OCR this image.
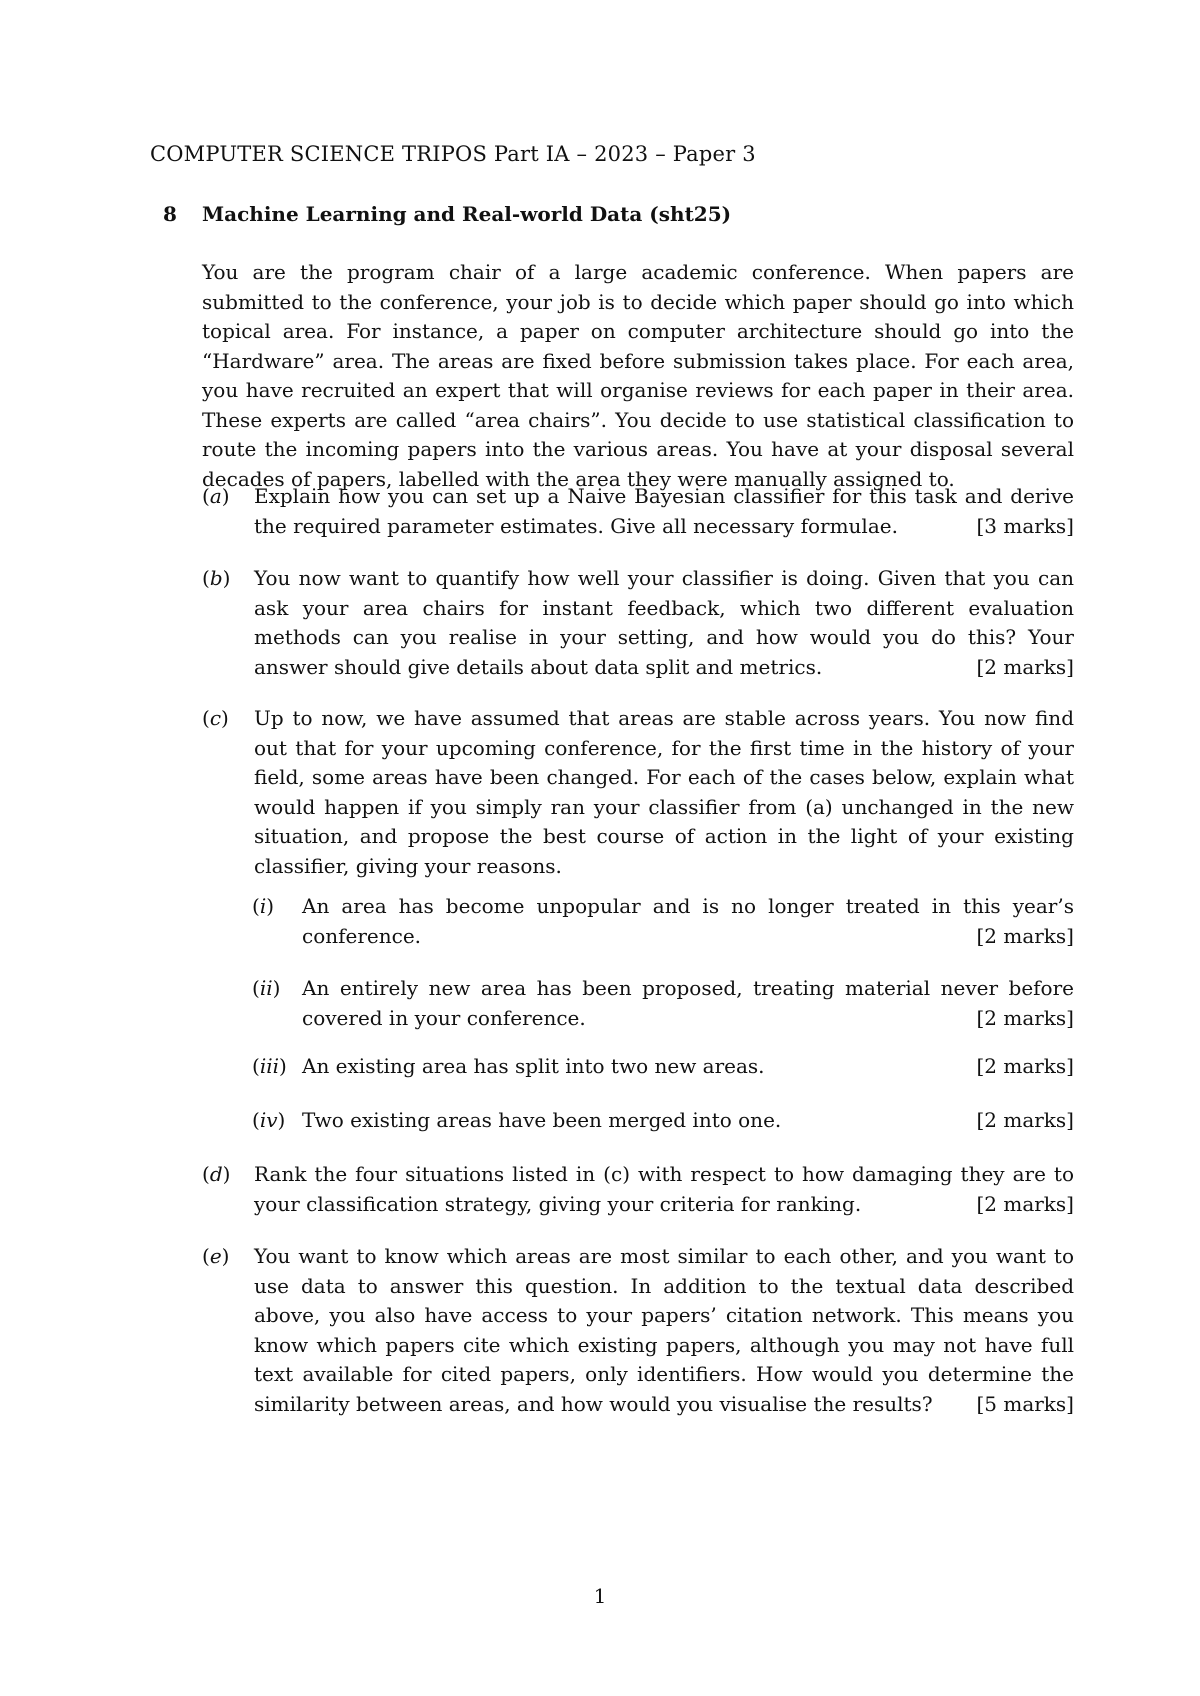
COMPUTER SCIENCE TRIPOS Part IA – 2023 – Paper 3
8 Machine Learning and Real-world Data (sht25)

You are the program chair of a large academic conference. When papers are submitted to the conference, your job is to decide which paper should go into which topical area. For instance, a paper on computer architecture should go into the “Hardware” area. The areas are fixed before submission takes place. For each area, you have recruited an expert that will organise reviews for each paper in their area. These experts are called “area chairs”. You decide to use statistical classification to route the incoming papers into the various areas. You have at your disposal several decades of papers, labelled with the area they were manually assigned to.

(a) Explain how you can set up a Naive Bayesian classifier for this task and derive the required parameter estimates. Give all necessary formulae.	[3 marks]
(b) You now want to quantify how well your classifier is doing. Given that you can ask your area chairs for instant feedback, which two different evaluation methods can you realise in your setting, and how would you do this? Your answer should give details about data split and metrics.	[2 marks]
(c) Up to now, we have assumed that areas are stable across years. You now find out that for your upcoming conference, for the first time in the history of your field, some areas have been changed. For each of the cases below, explain what would happen if you simply ran your classifier from (a) unchanged in the new situation, and propose the best course of action in the light of your existing classifier, giving your reasons.
(i) An area has become unpopular and is no longer treated in this year’s conference.	[2 marks]
(ii) An entirely new area has been proposed, treating material never before covered in your conference.	[2 marks]
(iii) An existing area has split into two new areas.	[2 marks]
(iv) Two existing areas have been merged into one.	[2 marks]
(d) Rank the four situations listed in (c) with respect to how damaging they are to your classification strategy, giving your criteria for ranking.	[2 marks]
(e) You want to know which areas are most similar to each other, and you want to use data to answer this question. In addition to the textual data described above, you also have access to your papers’ citation network. This means you know which papers cite which existing papers, although you may not have full text available for cited papers, only identifiers. How would you determine the similarity between areas, and how would you visualise the results? [5 marks]
1
